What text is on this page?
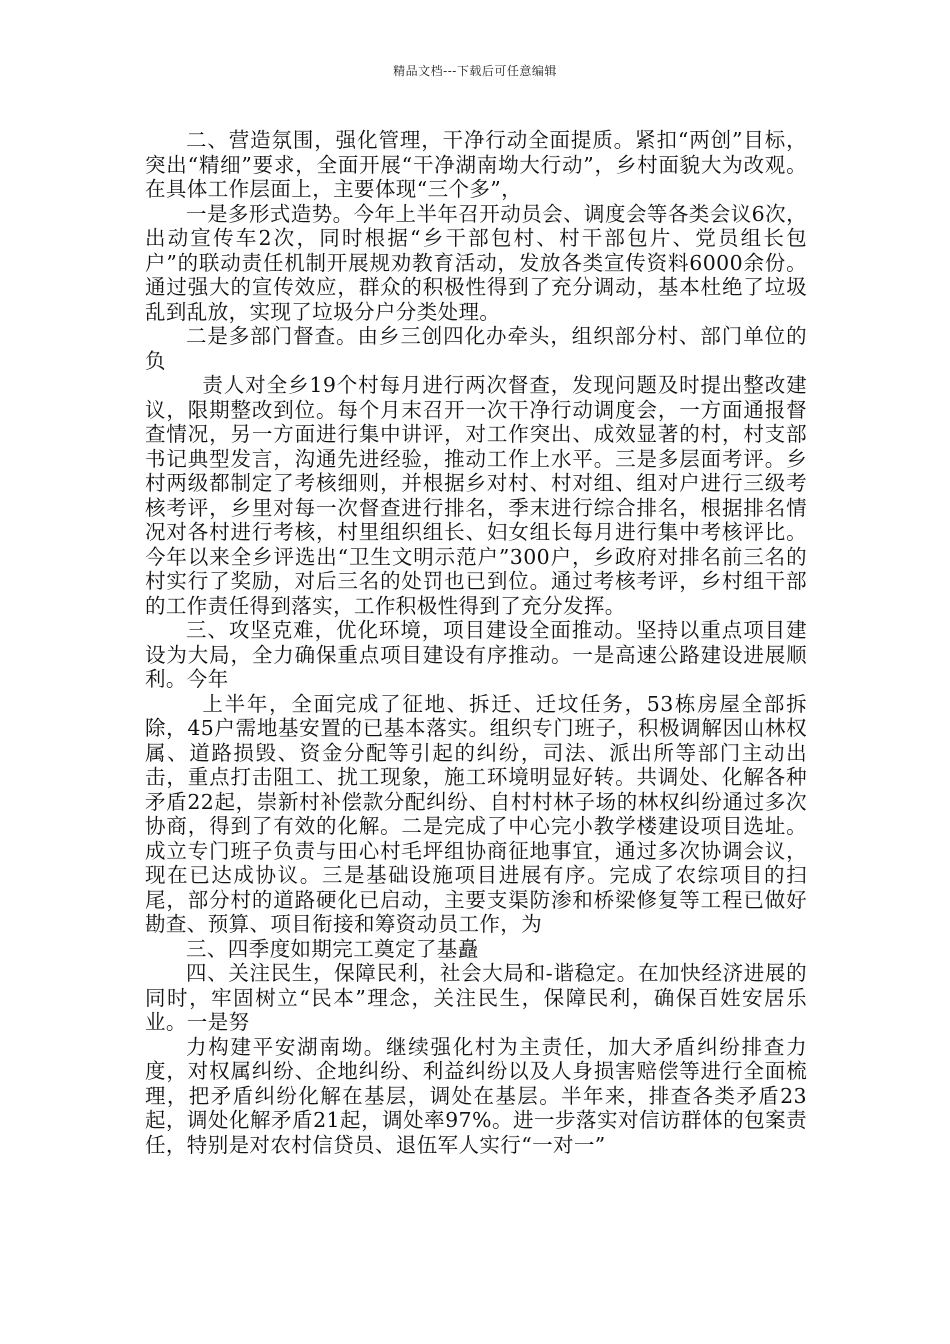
精品文档---下载后可任意编辑

二、营造氛围，强化管理，干净行动全面提质。紧扣“两创”目标，突出“精细”要求，全面开展“干净湖南坳大行动”，乡村面貌大为改观。在具体工作层面上，主要体现“三个多”，

一是多形式造势。今年上半年召开动员会、调度会等各类会议6次，出动宣传车2次，同时根据“乡干部包村、村干部包片、党员组长包户”的联动责任机制开展规劝教育活动，发放各类宣传资料6000余份。通过强大的宣传效应，群众的积极性得到了充分调动，基本杜绝了垃圾乱到乱放，实现了垃圾分户分类处理。

二是多部门督查。由乡三创四化办牵头，组织部分村、部门单位的负

责人对全乡19个村每月进行两次督查，发现问题及时提出整改建议，限期整改到位。每个月末召开一次干净行动调度会，一方面通报督查情况，另一方面进行集中讲评，对工作突出、成效显著的村，村支部书记典型发言，沟通先进经验，推动工作上水平。三是多层面考评。乡村两级都制定了考核细则，并根据乡对村、村对组、组对户进行三级考核考评，乡里对每一次督查进行排名，季末进行综合排名，根据排名情况对各村进行考核，村里组织组长、妇女组长每月进行集中考核评比。今年以来全乡评选出“卫生文明示范户”300户，乡政府对排名前三名的村实行了奖励，对后三名的处罚也已到位。通过考核考评，乡村组干部的工作责任得到落实，工作积极性得到了充分发挥。

三、攻坚克难，优化环境，项目建设全面推动。坚持以重点项目建设为大局，全力确保重点项目建设有序推动。一是高速公路建设进展顺利。今年

上半年，全面完成了征地、拆迁、迁坟任务，53栋房屋全部拆除，45户需地基安置的已基本落实。组织专门班子，积极调解因山林权属、道路损毁、资金分配等引起的纠纷，司法、派出所等部门主动出击，重点打击阻工、扰工现象，施工环境明显好转。共调处、化解各种矛盾22起，崇新村补偿款分配纠纷、自村村林子场的林权纠纷通过多次协商，得到了有效的化解。二是完成了中心完小教学楼建设项目选址。成立专门班子负责与田心村毛坪组协商征地事宜，通过多次协调会议，现在已达成协议。三是基础设施项目进展有序。完成了农综项目的扫尾，部分村的道路硬化已启动，主要支渠防渗和桥梁修复等工程已做好勘查、预算、项目衔接和筹资动员工作，为

三、四季度如期完工奠定了基矗

四、关注民生，保障民利，社会大局和-谐稳定。在加快经济进展的同时，牢固树立“民本”理念，关注民生，保障民利，确保百姓安居乐业。一是努

力构建平安湖南坳。继续强化村为主责任，加大矛盾纠纷排查力度，对权属纠纷、企地纠纷、利益纠纷以及人身损害赔偿等进行全面梳理，把矛盾纠纷化解在基层，调处在基层。半年来，排查各类矛盾23起，调处化解矛盾21起，调处率97%。进一步落实对信访群体的包案责任，特别是对农村信贷员、退伍军人实行“一对一”
